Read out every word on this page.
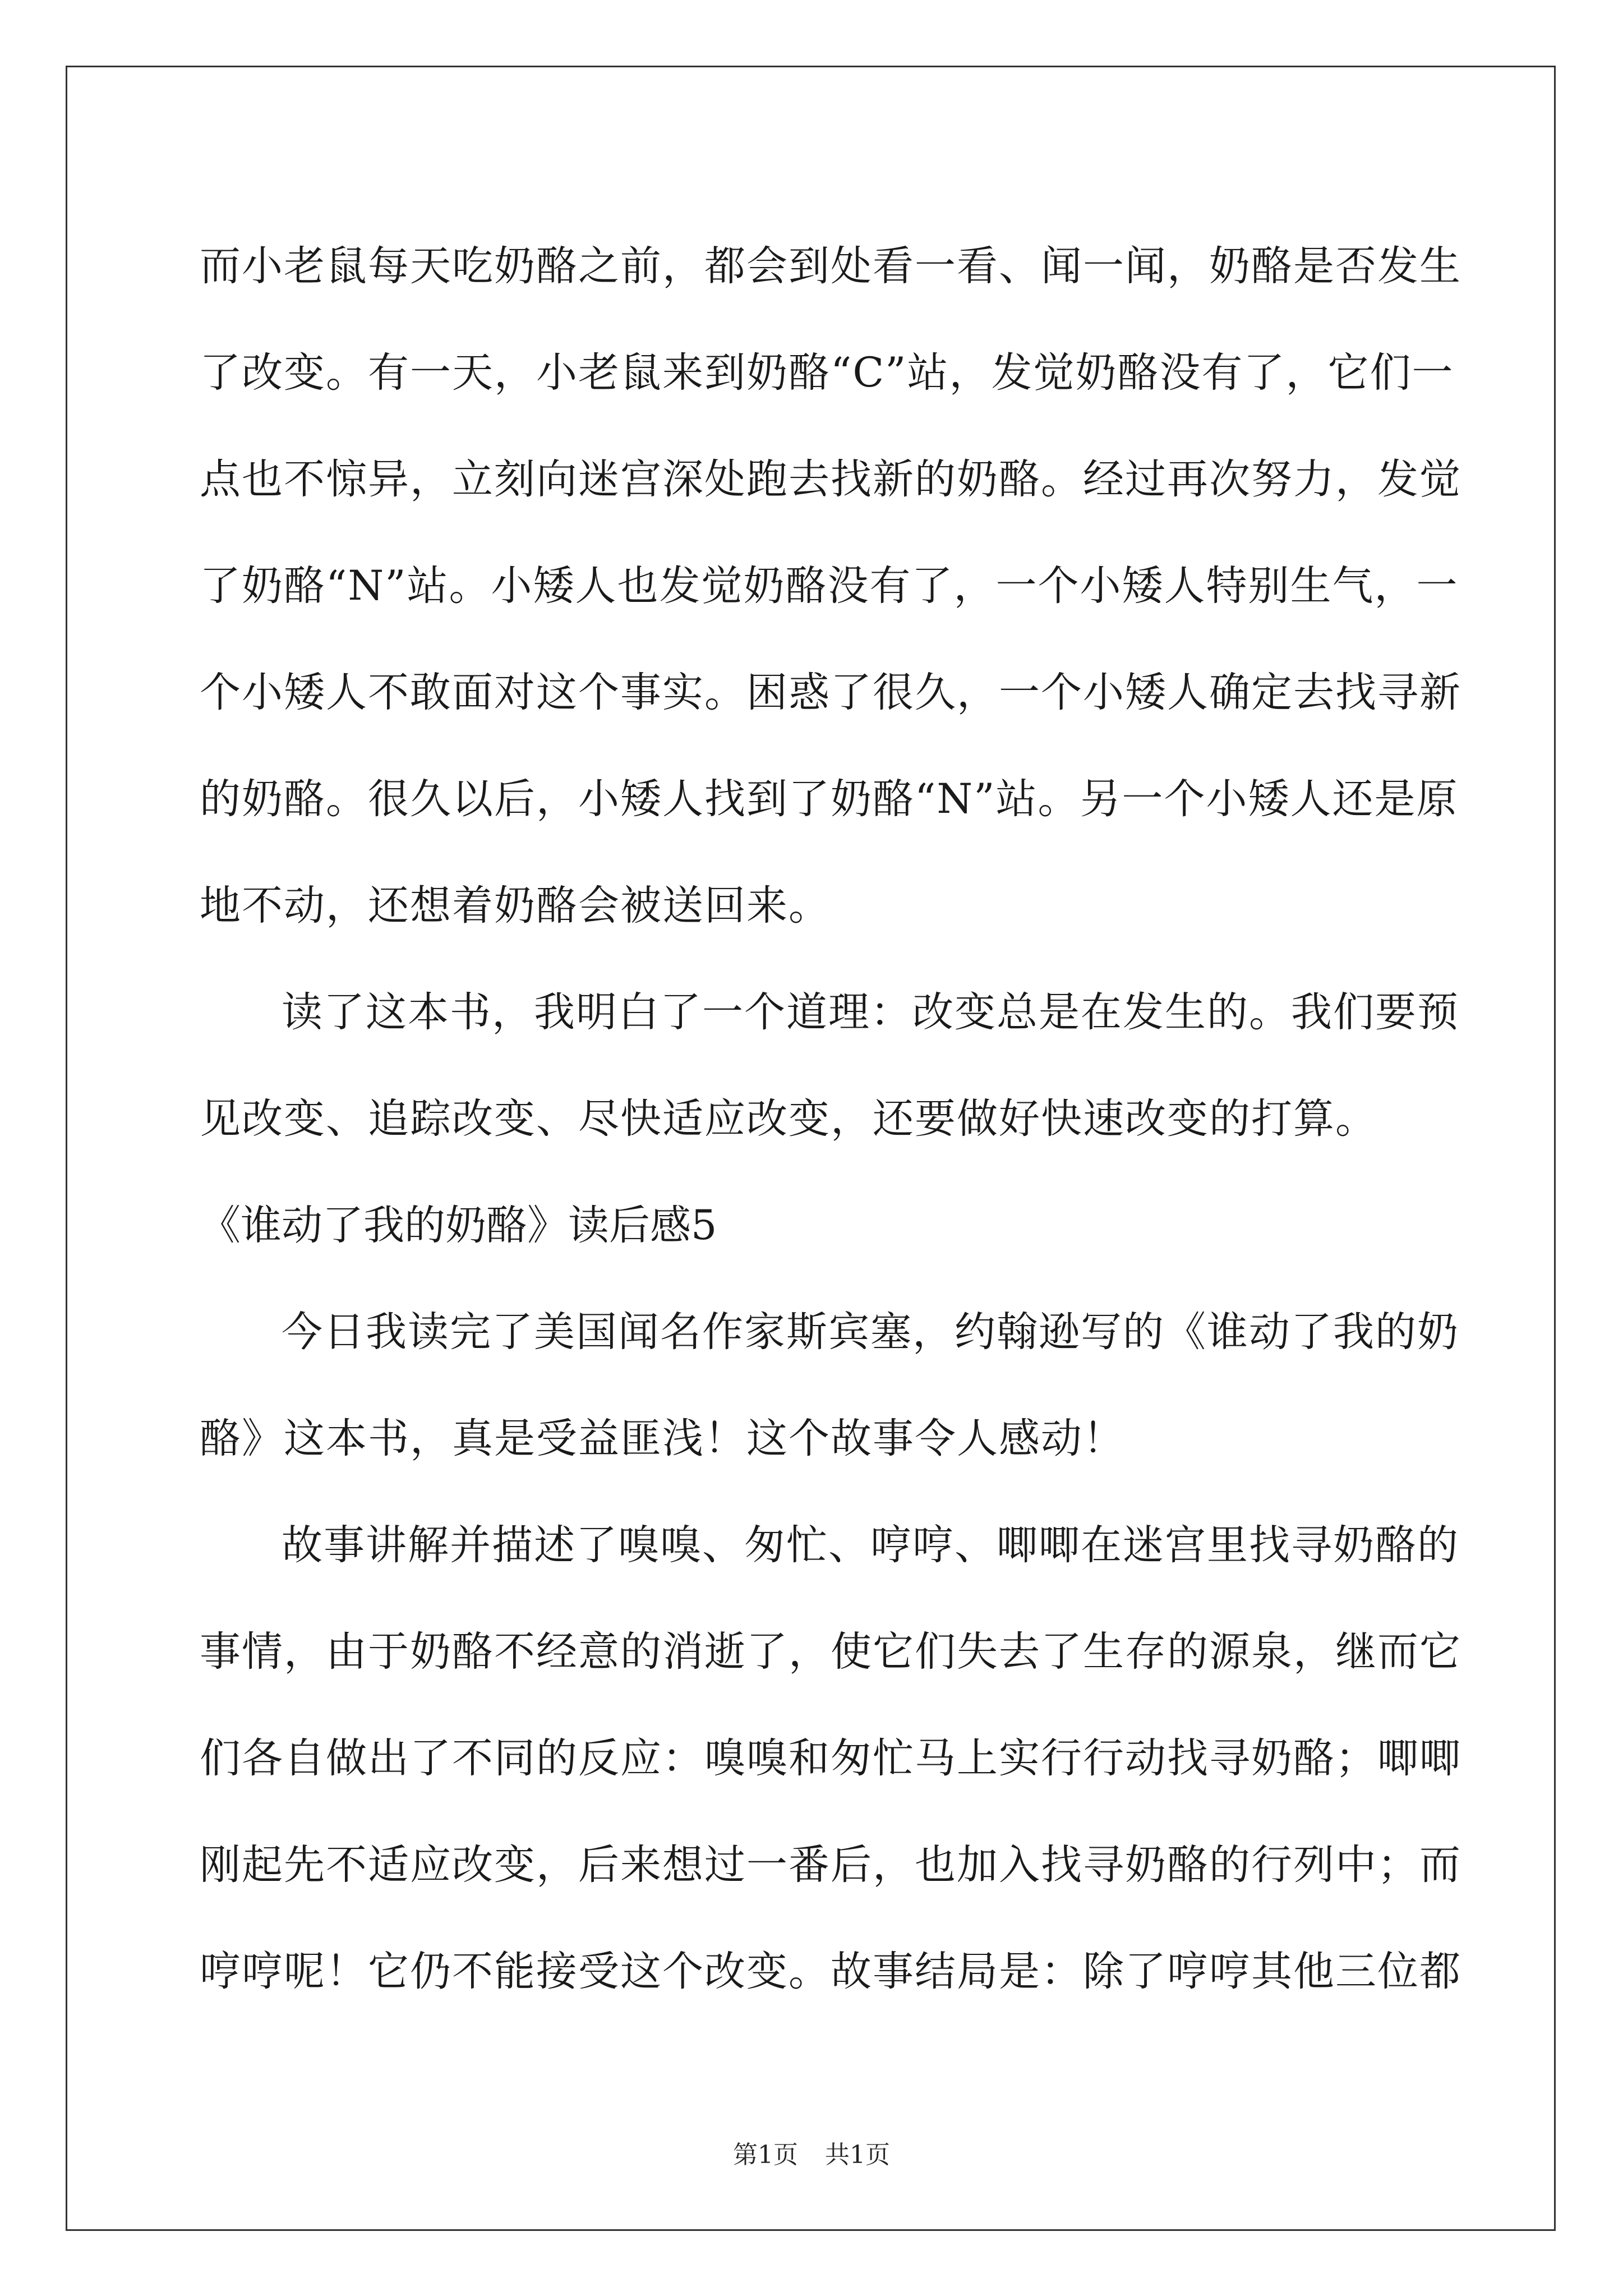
而小老鼠每天吃奶酪之前，都会到处看一看、闻一闻，奶酪是否发生
了改变。有一天，小老鼠来到奶酪“C”站，发觉奶酪没有了，它们一
点也不惊异，立刻向迷宫深处跑去找新的奶酪。经过再次努力，发觉
了奶酪“N”站。小矮人也发觉奶酪没有了，一个小矮人特别生气，一
个小矮人不敢面对这个事实。困惑了很久，一个小矮人确定去找寻新
的奶酪。很久以后，小矮人找到了奶酪“N”站。另一个小矮人还是原
地不动，还想着奶酪会被送回来。
读了这本书，我明白了一个道理：改变总是在发生的。我们要预
见改变、追踪改变、尽快适应改变，还要做好快速改变的打算。
《谁动了我的奶酪》读后感5
今日我读完了美国闻名作家斯宾塞，约翰逊写的《谁动了我的奶
酪》这本书，真是受益匪浅！这个故事令人感动！
故事讲解并描述了嗅嗅、匆忙、哼哼、唧唧在迷宫里找寻奶酪的
事情，由于奶酪不经意的消逝了，使它们失去了生存的源泉，继而它
们各自做出了不同的反应：嗅嗅和匆忙马上实行行动找寻奶酪；唧唧
刚起先不适应改变，后来想过一番后，也加入找寻奶酪的行列中；而
哼哼呢！它仍不能接受这个改变。故事结局是：除了哼哼其他三位都
第1页 共1页
